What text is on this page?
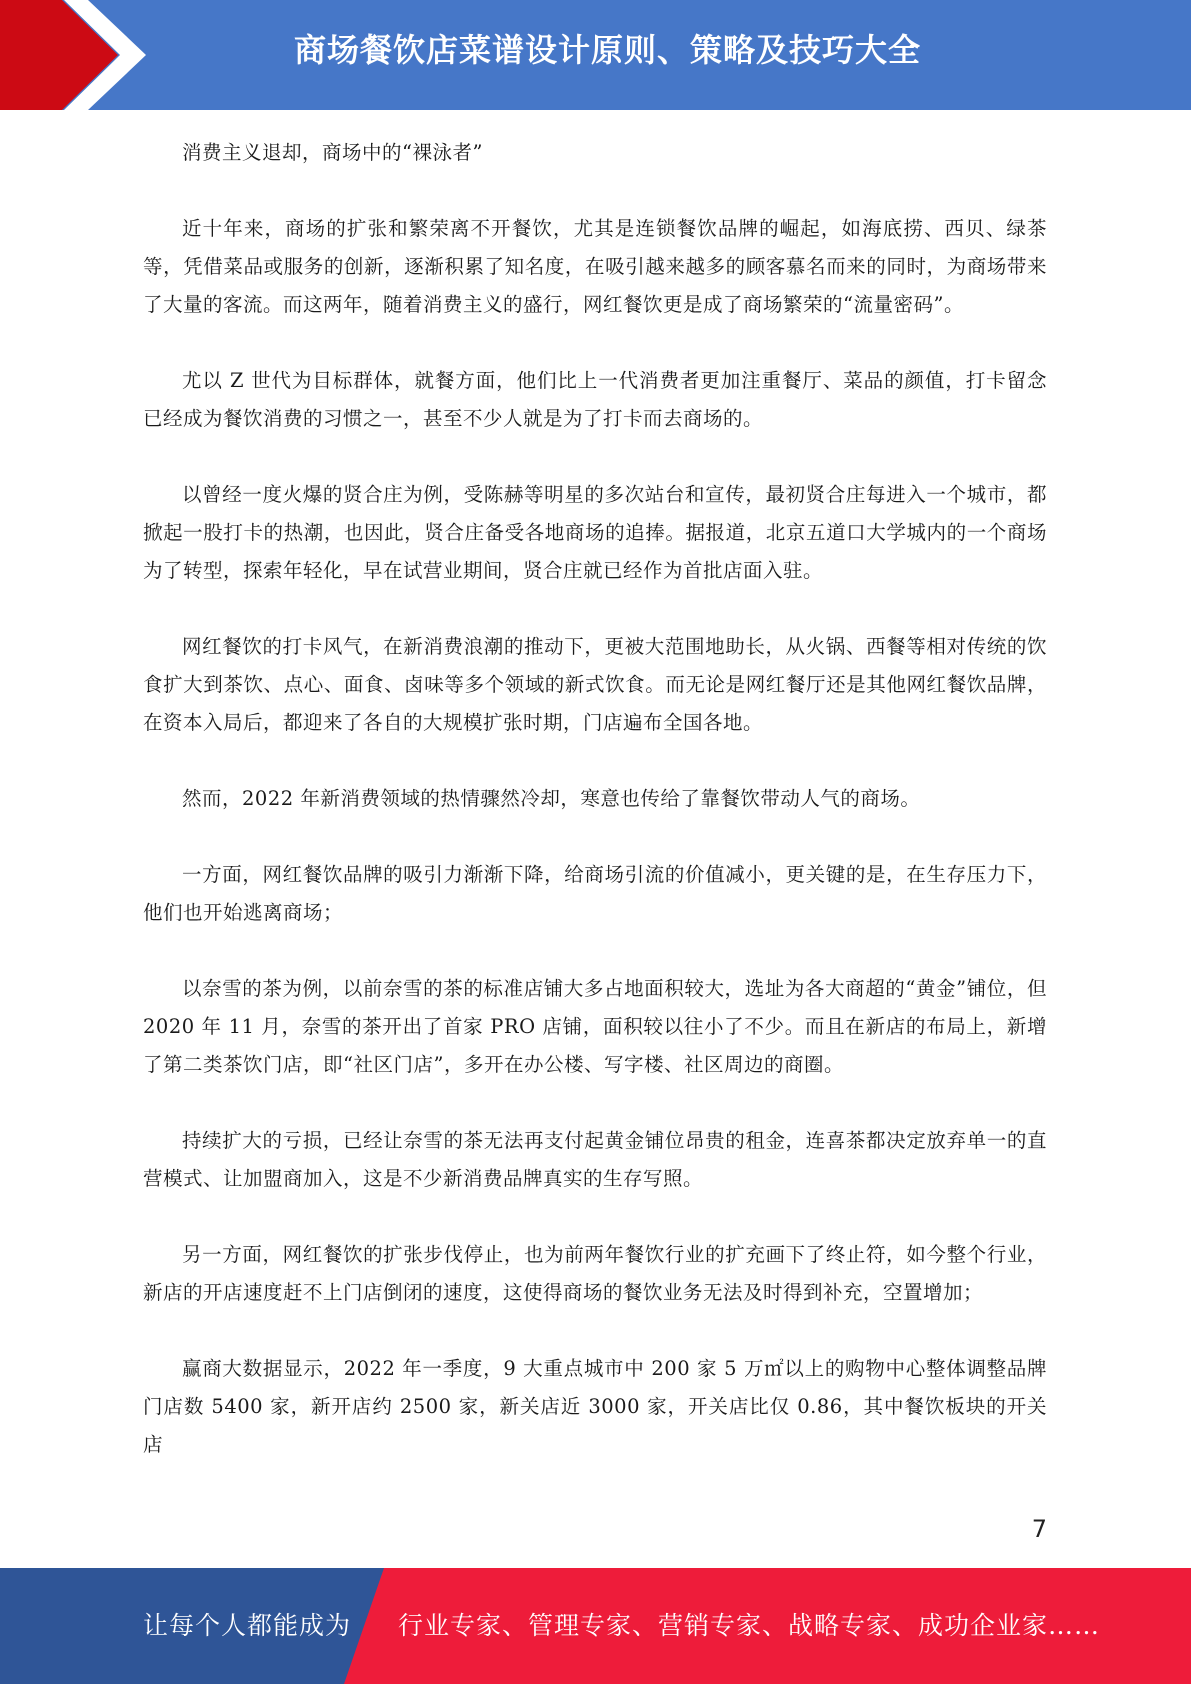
商场餐饮店菜谱设计原则、策略及技巧大全

消费主义退却，商场中的“裸泳者”

近十年来，商场的扩张和繁荣离不开餐饮，尤其是连锁餐饮品牌的崛起，如海底捞、西贝、绿茶等，凭借菜品或服务的创新，逐渐积累了知名度，在吸引越来越多的顾客慕名而来的同时，为商场带来了大量的客流。而这两年，随着消费主义的盛行，网红餐饮更是成了商场繁荣的“流量密码”。

尤以 Z 世代为目标群体，就餐方面，他们比上一代消费者更加注重餐厅、菜品的颜值，打卡留念已经成为餐饮消费的习惯之一，甚至不少人就是为了打卡而去商场的。

以曾经一度火爆的贤合庄为例，受陈赫等明星的多次站台和宣传，最初贤合庄每进入一个城市，都掀起一股打卡的热潮，也因此，贤合庄备受各地商场的追捧。据报道，北京五道口大学城内的一个商场为了转型，探索年轻化，早在试营业期间，贤合庄就已经作为首批店面入驻。

网红餐饮的打卡风气，在新消费浪潮的推动下，更被大范围地助长，从火锅、西餐等相对传统的饮食扩大到茶饮、点心、面食、卤味等多个领域的新式饮食。而无论是网红餐厅还是其他网红餐饮品牌，在资本入局后，都迎来了各自的大规模扩张时期，门店遍布全国各地。

然而，2022 年新消费领域的热情骤然冷却，寒意也传给了靠餐饮带动人气的商场。

一方面，网红餐饮品牌的吸引力渐渐下降，给商场引流的价值减小，更关键的是，在生存压力下，他们也开始逃离商场；

以奈雪的茶为例，以前奈雪的茶的标准店铺大多占地面积较大，选址为各大商超的“黄金”铺位，但 2020 年 11 月，奈雪的茶开出了首家 PRO 店铺，面积较以往小了不少。而且在新店的布局上，新增了第二类茶饮门店，即“社区门店”，多开在办公楼、写字楼、社区周边的商圈。

持续扩大的亏损，已经让奈雪的茶无法再支付起黄金铺位昂贵的租金，连喜茶都决定放弃单一的直营模式、让加盟商加入，这是不少新消费品牌真实的生存写照。

另一方面，网红餐饮的扩张步伐停止，也为前两年餐饮行业的扩充画下了终止符，如今整个行业，新店的开店速度赶不上门店倒闭的速度，这使得商场的餐饮业务无法及时得到补充，空置增加；

赢商大数据显示，2022 年一季度，9 大重点城市中 200 家 5 万㎡以上的购物中心整体调整品牌门店数 5400 家，新开店约 2500 家，新关店近 3000 家，开关店比仅 0.86，其中餐饮板块的开关店

7
让每个人都能成为 行业专家、管理专家、营销专家、战略专家、成功企业家……
